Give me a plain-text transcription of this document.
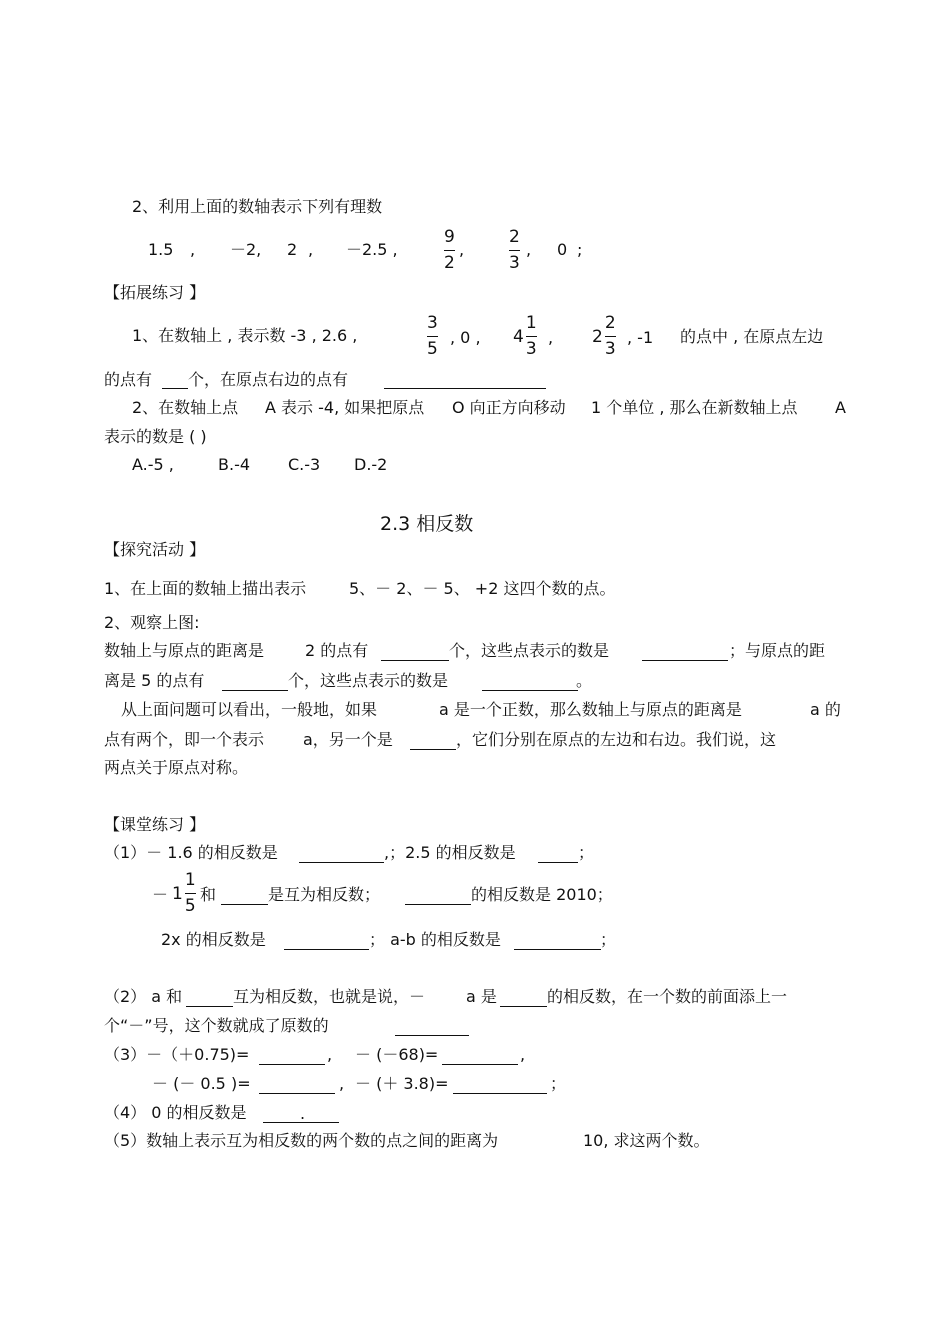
2、利用上面的数轴表示下列有理数
1.5 , －2, 2 , －2.5 ,
9
2
,
2
3
, 0 ;
【拓展练习 】
1、在数轴上 , 表示数 -3 , 2.6 ,
3
5
, 0 , $4 \frac{1}{3}$ , $2 \frac{2}{3}$ , -1 的点中 , 在原点左边
的点有 个，在原点右边的点有
2、在数轴上点 A 表示 -4, 如果把原点 O 向正方向移动 1 个单位 , 那么在新数轴上点 A
表示的数是 ( )
A.-5 ,	B.-4 C.-3 D.-2
2.3 相反数
【探究活动 】
1、在上面的数轴上描出表示	5、－ 2、－ 5、 +2 这四个数的点。
2、观察上图:
数轴上与原点的距离是	2 的点有	个，这些点表示的数是	；与原点的距
离是 5 的点有	个，这些点表示的数是	。
从上面问题可以看出，一般地，如果	a 是一个正数，那么数轴上与原点的距离是	a 的
点有两个，即一个表示 a，另一个是	，它们分别在原点的左边和右边。我们说，这
两点关于原点对称。
【课堂练习 】
（1）－ 1.6 的相反数是	,；2.5 的相反数是	；
－ $1 \frac{1}{5}$ 和	是互为相反数；	的相反数是 2010；
2x 的相反数是	； a-b 的相反数是	；
（2） a 和	互为相反数，也就是说，－	a 是	的相反数，在一个数的前面添上一
个“－”号，这个数就成了原数的
（3）－（＋0.75)=	, － (－68)=	,
－ (－ 0.5 )=	, － (＋ 3.8)=	；
（4） 0 的相反数是	.
（5）数轴上表示互为相反数的两个数的点之间的距离为	10, 求这两个数。
